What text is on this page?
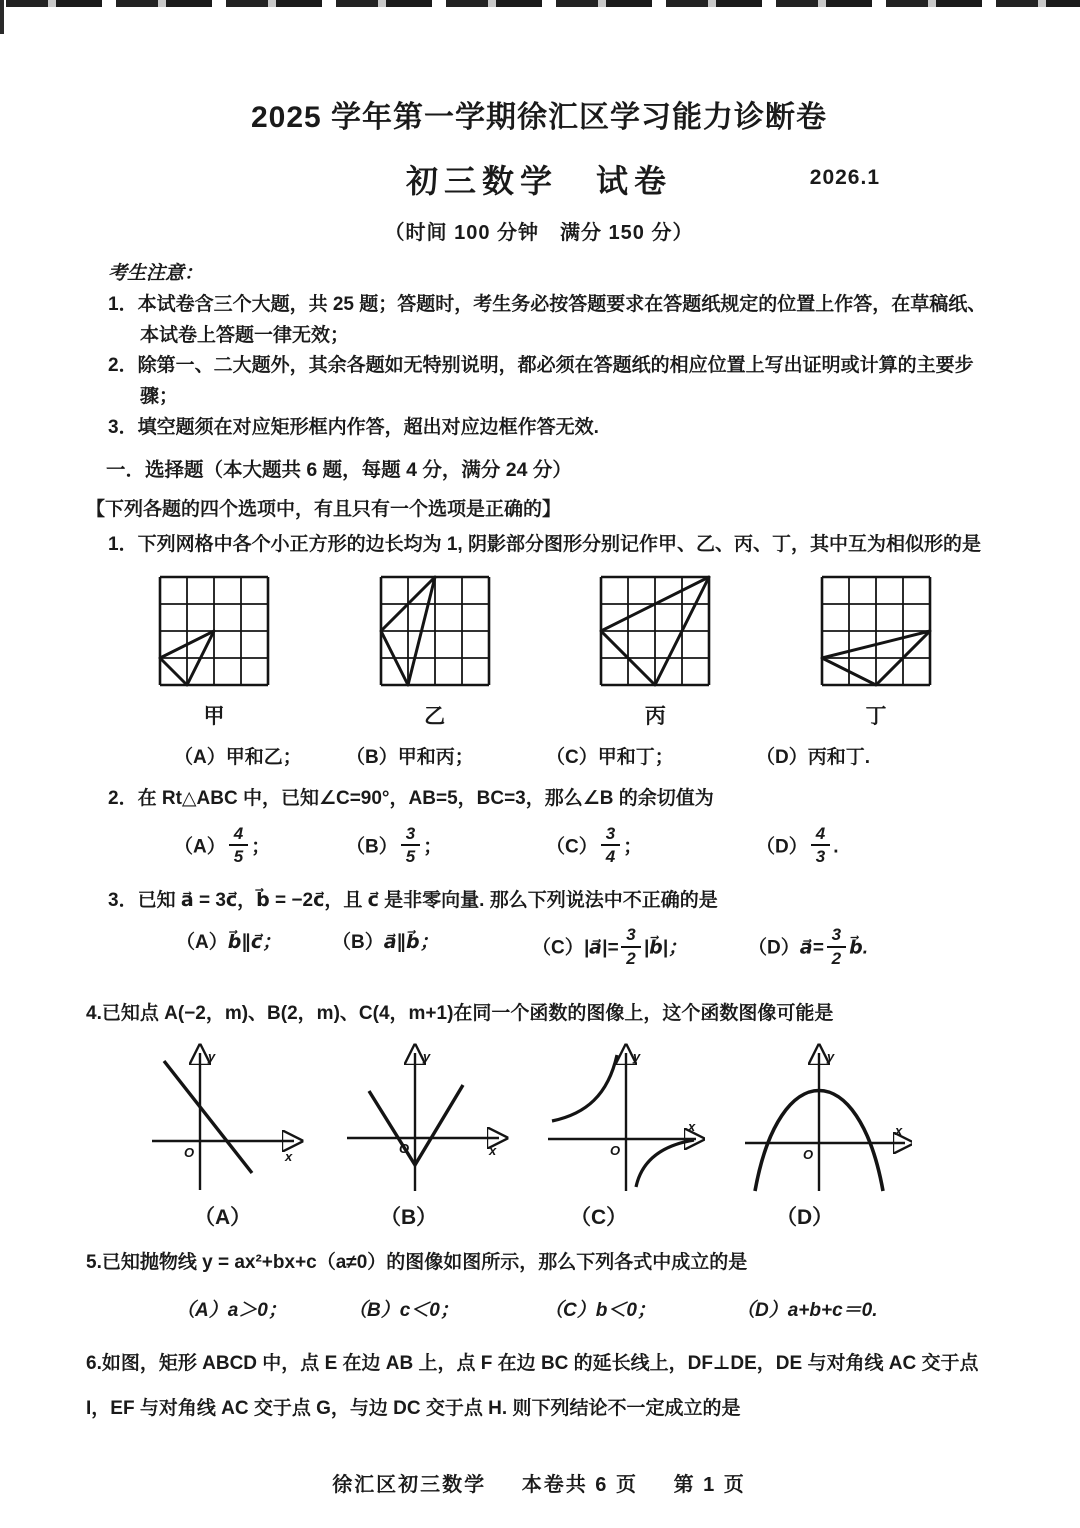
2025 学年第一学期徐汇区学习能力诊断卷
初三数学　试卷	2026.1
（时间 100 分钟　满分 150 分）
考生注意：
1．本试卷含三个大题，共 25 题；答题时，考生务必按答题要求在答题纸规定的位置上作答，在草稿纸、本试卷上答题一律无效；
2．除第一、二大题外，其余各题如无特别说明，都必须在答题纸的相应位置上写出证明或计算的主要步骤；
3．填空题须在对应矩形框内作答，超出对应边框作答无效.
一．选择题（本大题共 6 题，每题 4 分，满分 24 分）
【下列各题的四个选项中，有且只有一个选项是正确的】
1．下列网格中各个小正方形的边长均为 1, 阴影部分图形分别记作甲、乙、丙、丁，其中互为相似形的是
甲	乙	丙	丁
（A）甲和乙；	（B）甲和丙；	（C）甲和丁；	（D）丙和丁.
2．在 Rt△ABC 中，已知∠C=90°，AB=5，BC=3，那么∠B 的余切值为
$(A) \frac{4}{5}$ ；	$(B) \frac{3}{5}$ ；	$(C) \frac{3}{4}$ ；	$(D) \frac{4}{3}$ .
3．已知 a⃗ = 3c⃗，b⃗ = −2c⃗，且 c⃗ 是非零向量. 那么下列说法中不正确的是
（A）b⃗∥c⃗；	（B）a⃗∥b⃗；	（C）|a⃗|= $\frac{3}{2}$ |b⃗|；	（D）a⃗= $\frac{3}{2}$ b⃗.
4.已知点 A(−2，m)、B(2，m)、C(4，m+1)在同一个函数的图像上，这个函数图像可能是
y
x
O
y
x
O
y
x
O
y
x
O
（A）	（B）	（C）	（D）
5.已知抛物线 y = ax²+bx+c（a≠0）的图像如图所示，那么下列各式中成立的是
（A）a＞0；	（B）c＜0；	（C）b＜0；	（D）a+b+c＝0.
6.如图，矩形 ABCD 中，点 E 在边 AB 上，点 F 在边 BC 的延长线上，DF⊥DE，DE 与对角线 AC 交于点 I，EF 与对角线 AC 交于点 G，与边 DC 交于点 H. 则下列结论不一定成立的是
徐汇区初三数学 本卷共 6 页 第 1 页
